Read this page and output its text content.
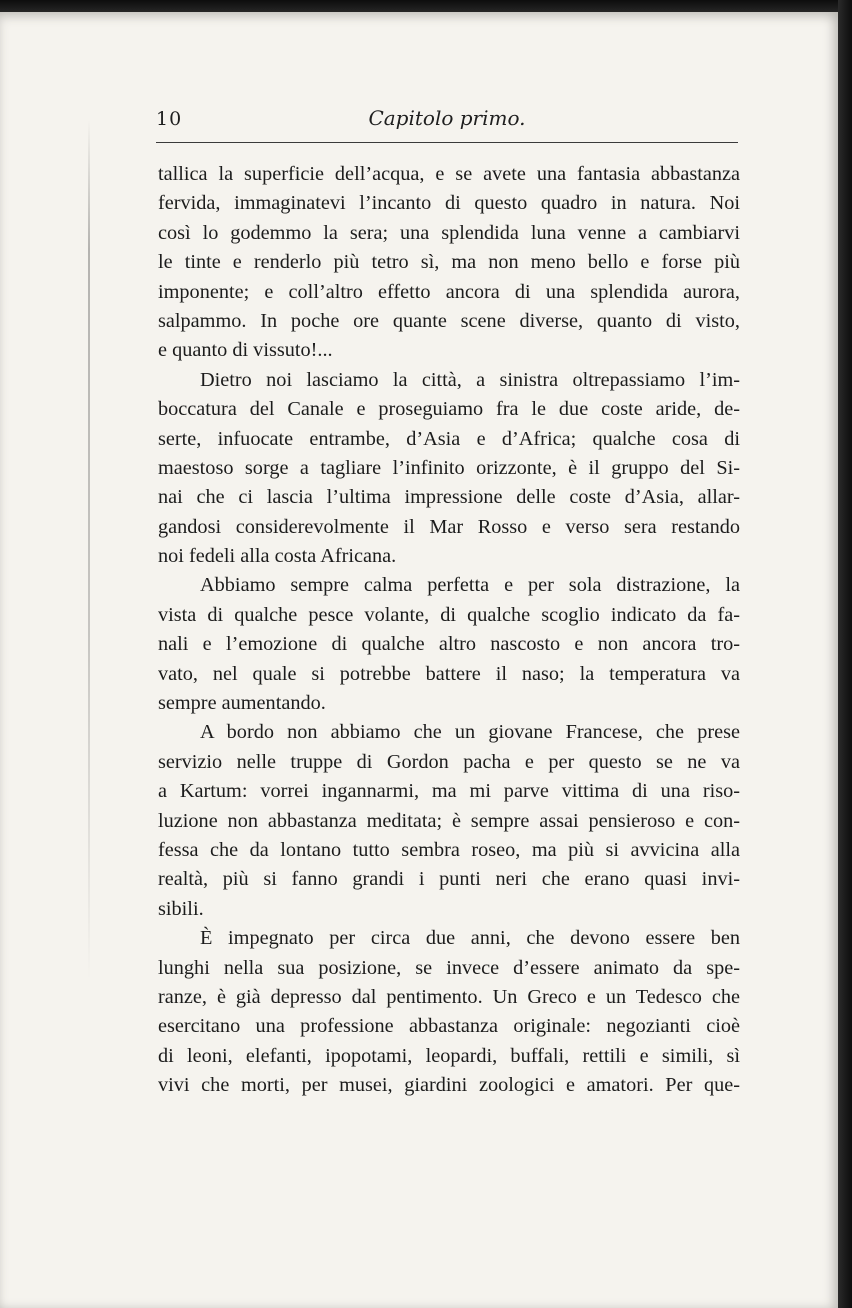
10	Capitolo primo.
tallica la superficie dell’acqua, e se avete una fantasia abbastanza
fervida, immaginatevi l’incanto di questo quadro in natura. Noi
così lo godemmo la sera; una splendida luna venne a cambiarvi
le tinte e renderlo più tetro sì, ma non meno bello e forse più
imponente; e coll’altro effetto ancora di una splendida aurora,
salpammo. In poche ore quante scene diverse, quanto di visto,
e quanto di vissuto!...
Dietro noi lasciamo la città, a sinistra oltrepassiamo l’im-
boccatura del Canale e proseguiamo fra le due coste aride, de-
serte, infuocate entrambe, d’Asia e d’Africa; qualche cosa di
maestoso sorge a tagliare l’infinito orizzonte, è il gruppo del Si-
nai che ci lascia l’ultima impressione delle coste d’Asia, allar-
gandosi considerevolmente il Mar Rosso e verso sera restando
noi fedeli alla costa Africana.
Abbiamo sempre calma perfetta e per sola distrazione, la
vista di qualche pesce volante, di qualche scoglio indicato da fa-
nali e l’emozione di qualche altro nascosto e non ancora tro-
vato, nel quale si potrebbe battere il naso; la temperatura va
sempre aumentando.
A bordo non abbiamo che un giovane Francese, che prese
servizio nelle truppe di Gordon pacha e per questo se ne va
a Kartum: vorrei ingannarmi, ma mi parve vittima di una riso-
luzione non abbastanza meditata; è sempre assai pensieroso e con-
fessa che da lontano tutto sembra roseo, ma più si avvicina alla
realtà, più si fanno grandi i punti neri che erano quasi invi-
sibili.
È impegnato per circa due anni, che devono essere ben
lunghi nella sua posizione, se invece d’essere animato da spe-
ranze, è già depresso dal pentimento. Un Greco e un Tedesco che
esercitano una professione abbastanza originale: negozianti cioè
di leoni, elefanti, ipopotami, leopardi, buffali, rettili e simili, sì
vivi che morti, per musei, giardini zoologici e amatori. Per que-
